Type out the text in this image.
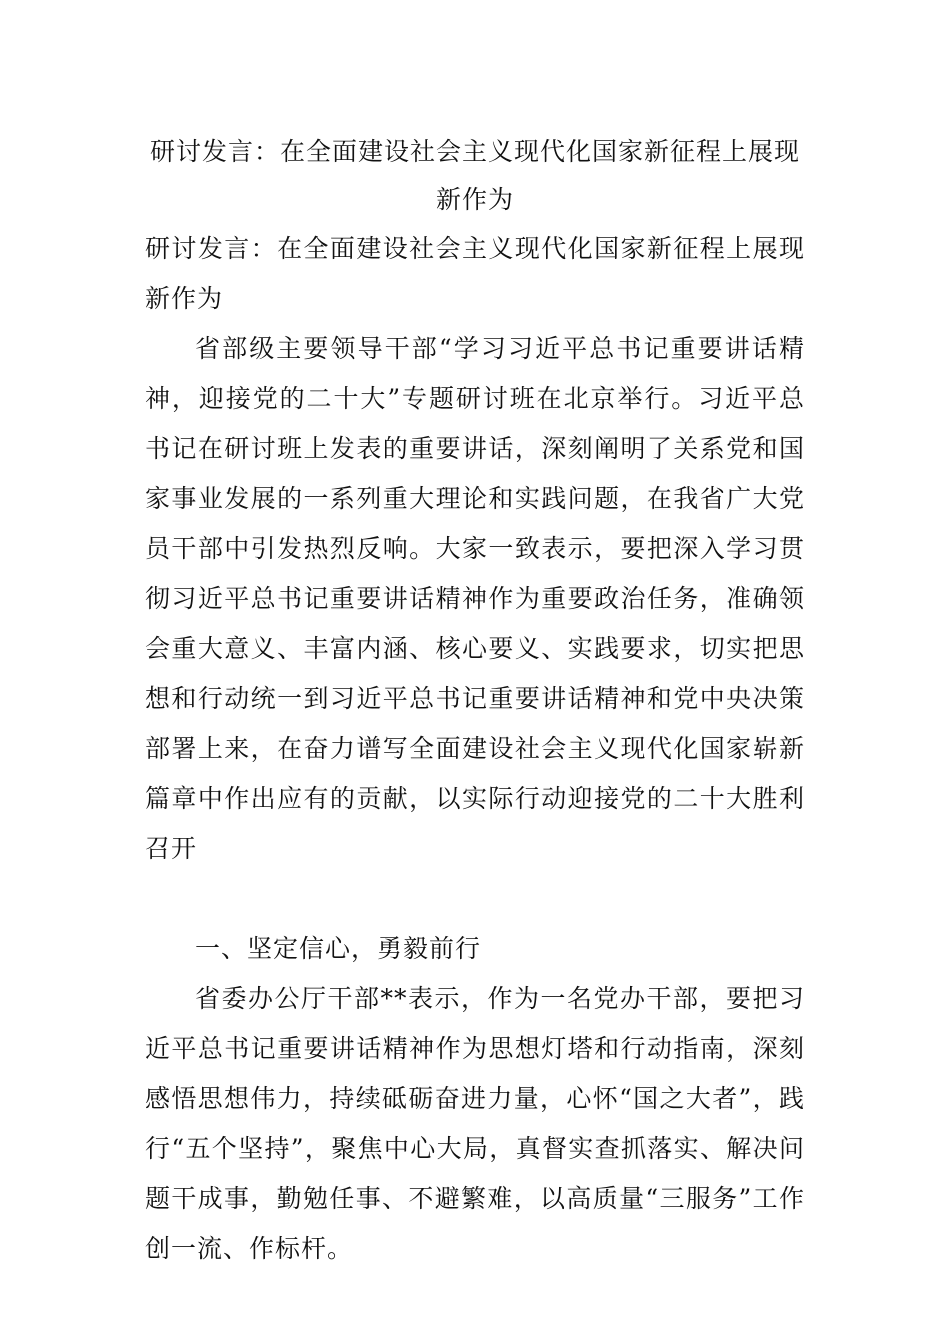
研讨发言：在全面建设社会主义现代化国家新征程上展现新作为

研讨发言：在全面建设社会主义现代化国家新征程上展现新作为

省部级主要领导干部“学习习近平总书记重要讲话精神，迎接党的二十大”专题研讨班在北京举行。习近平总书记在研讨班上发表的重要讲话，深刻阐明了关系党和国家事业发展的一系列重大理论和实践问题，在我省广大党员干部中引发热烈反响。大家一致表示，要把深入学习贯彻习近平总书记重要讲话精神作为重要政治任务，准确领会重大意义、丰富内涵、核心要义、实践要求，切实把思想和行动统一到习近平总书记重要讲话精神和党中央决策部署上来，在奋力谱写全面建设社会主义现代化国家崭新篇章中作出应有的贡献，以实际行动迎接党的二十大胜利召开

一、坚定信心，勇毅前行

省委办公厅干部**表示，作为一名党办干部，要把习近平总书记重要讲话精神作为思想灯塔和行动指南，深刻感悟思想伟力，持续砥砺奋进力量，心怀“国之大者”，践行“五个坚持”，聚焦中心大局，真督实查抓落实、解决问题干成事，勤勉任事、不避繁难，以高质量“三服务”工作创一流、作标杆。
